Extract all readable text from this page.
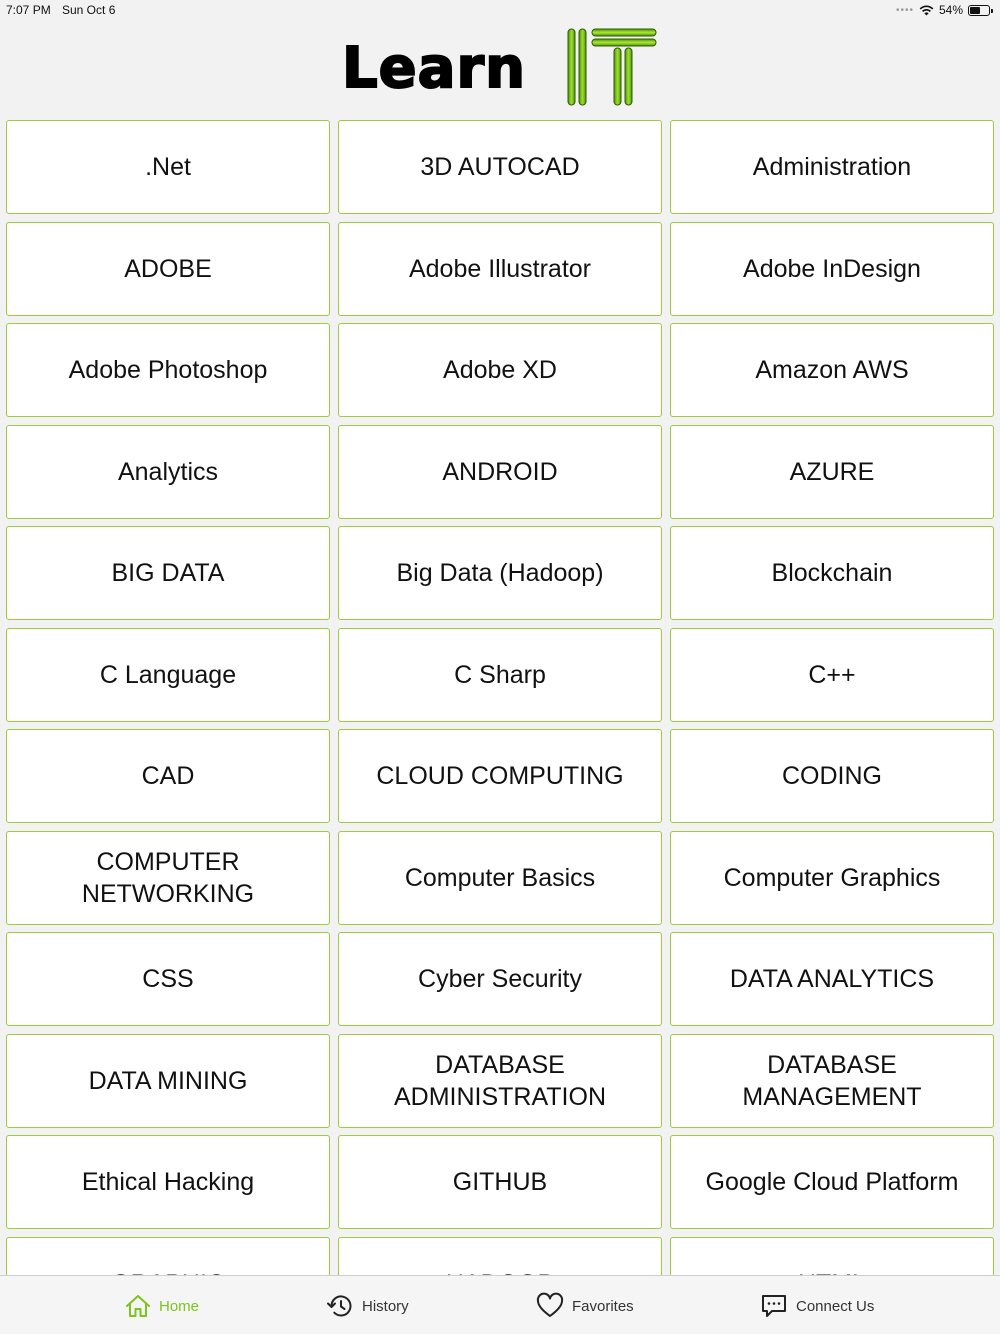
7:07 PM Sun Oct 6	•••• 54%
Learn
.Net	3D AUTOCAD	Administration
ADOBE	Adobe Illustrator	Adobe InDesign
Adobe Photoshop	Adobe XD	Amazon AWS
Analytics	ANDROID	AZURE
BIG DATA	Big Data (Hadoop)	Blockchain
C Language	C Sharp	C++
CAD	CLOUD COMPUTING	CODING
COMPUTER NETWORKING
Computer Basics	Computer Graphics
CSS	Cyber Security	DATA ANALYTICS
DATA MINING
DATABASE ADMINISTRATION
DATABASE MANAGEMENT
Ethical Hacking	GITHUB	Google Cloud Platform
Home	History	Favorites	Connect Us
